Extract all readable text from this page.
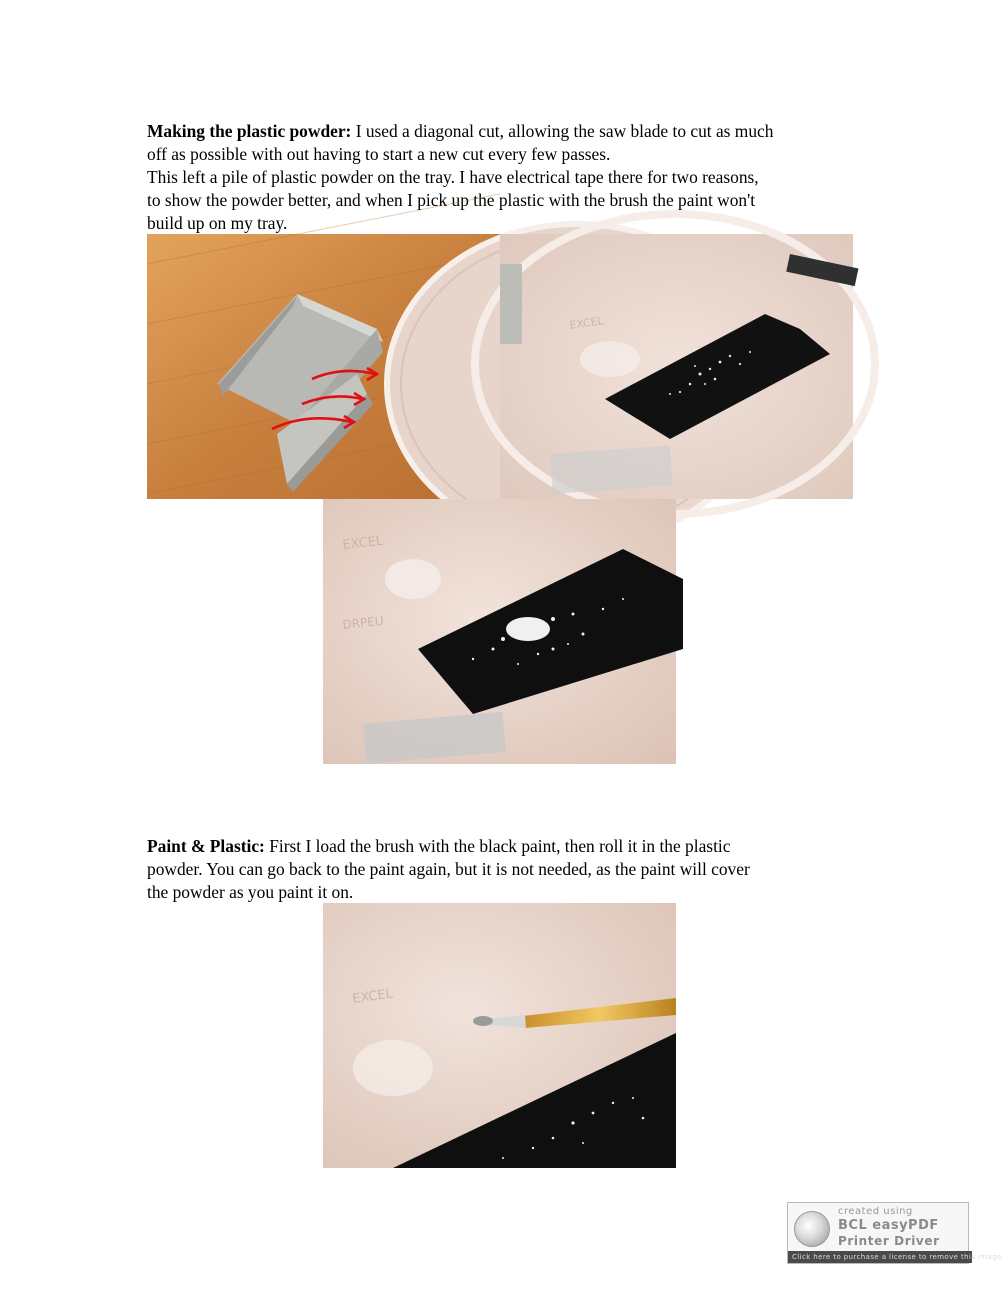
Making the plastic powder: I used a diagonal cut, allowing the saw blade to cut as much
off as possible with out having to start a new cut every few passes.
This left a pile of plastic powder on the tray. I have electrical tape there for two reasons,
to show the powder better, and when I pick up the plastic with the brush the paint won't
build up on my tray.
EXCEL
EXCEL
DRPEU
Paint & Plastic: First I load the brush with the black paint, then roll it in the plastic
powder. You can go back to the paint again, but it is not needed, as the paint will cover
the powder as you paint it on.
EXCEL
created using
BCL easyPDF
Printer Driver
Click here to purchase a license to remove this image
